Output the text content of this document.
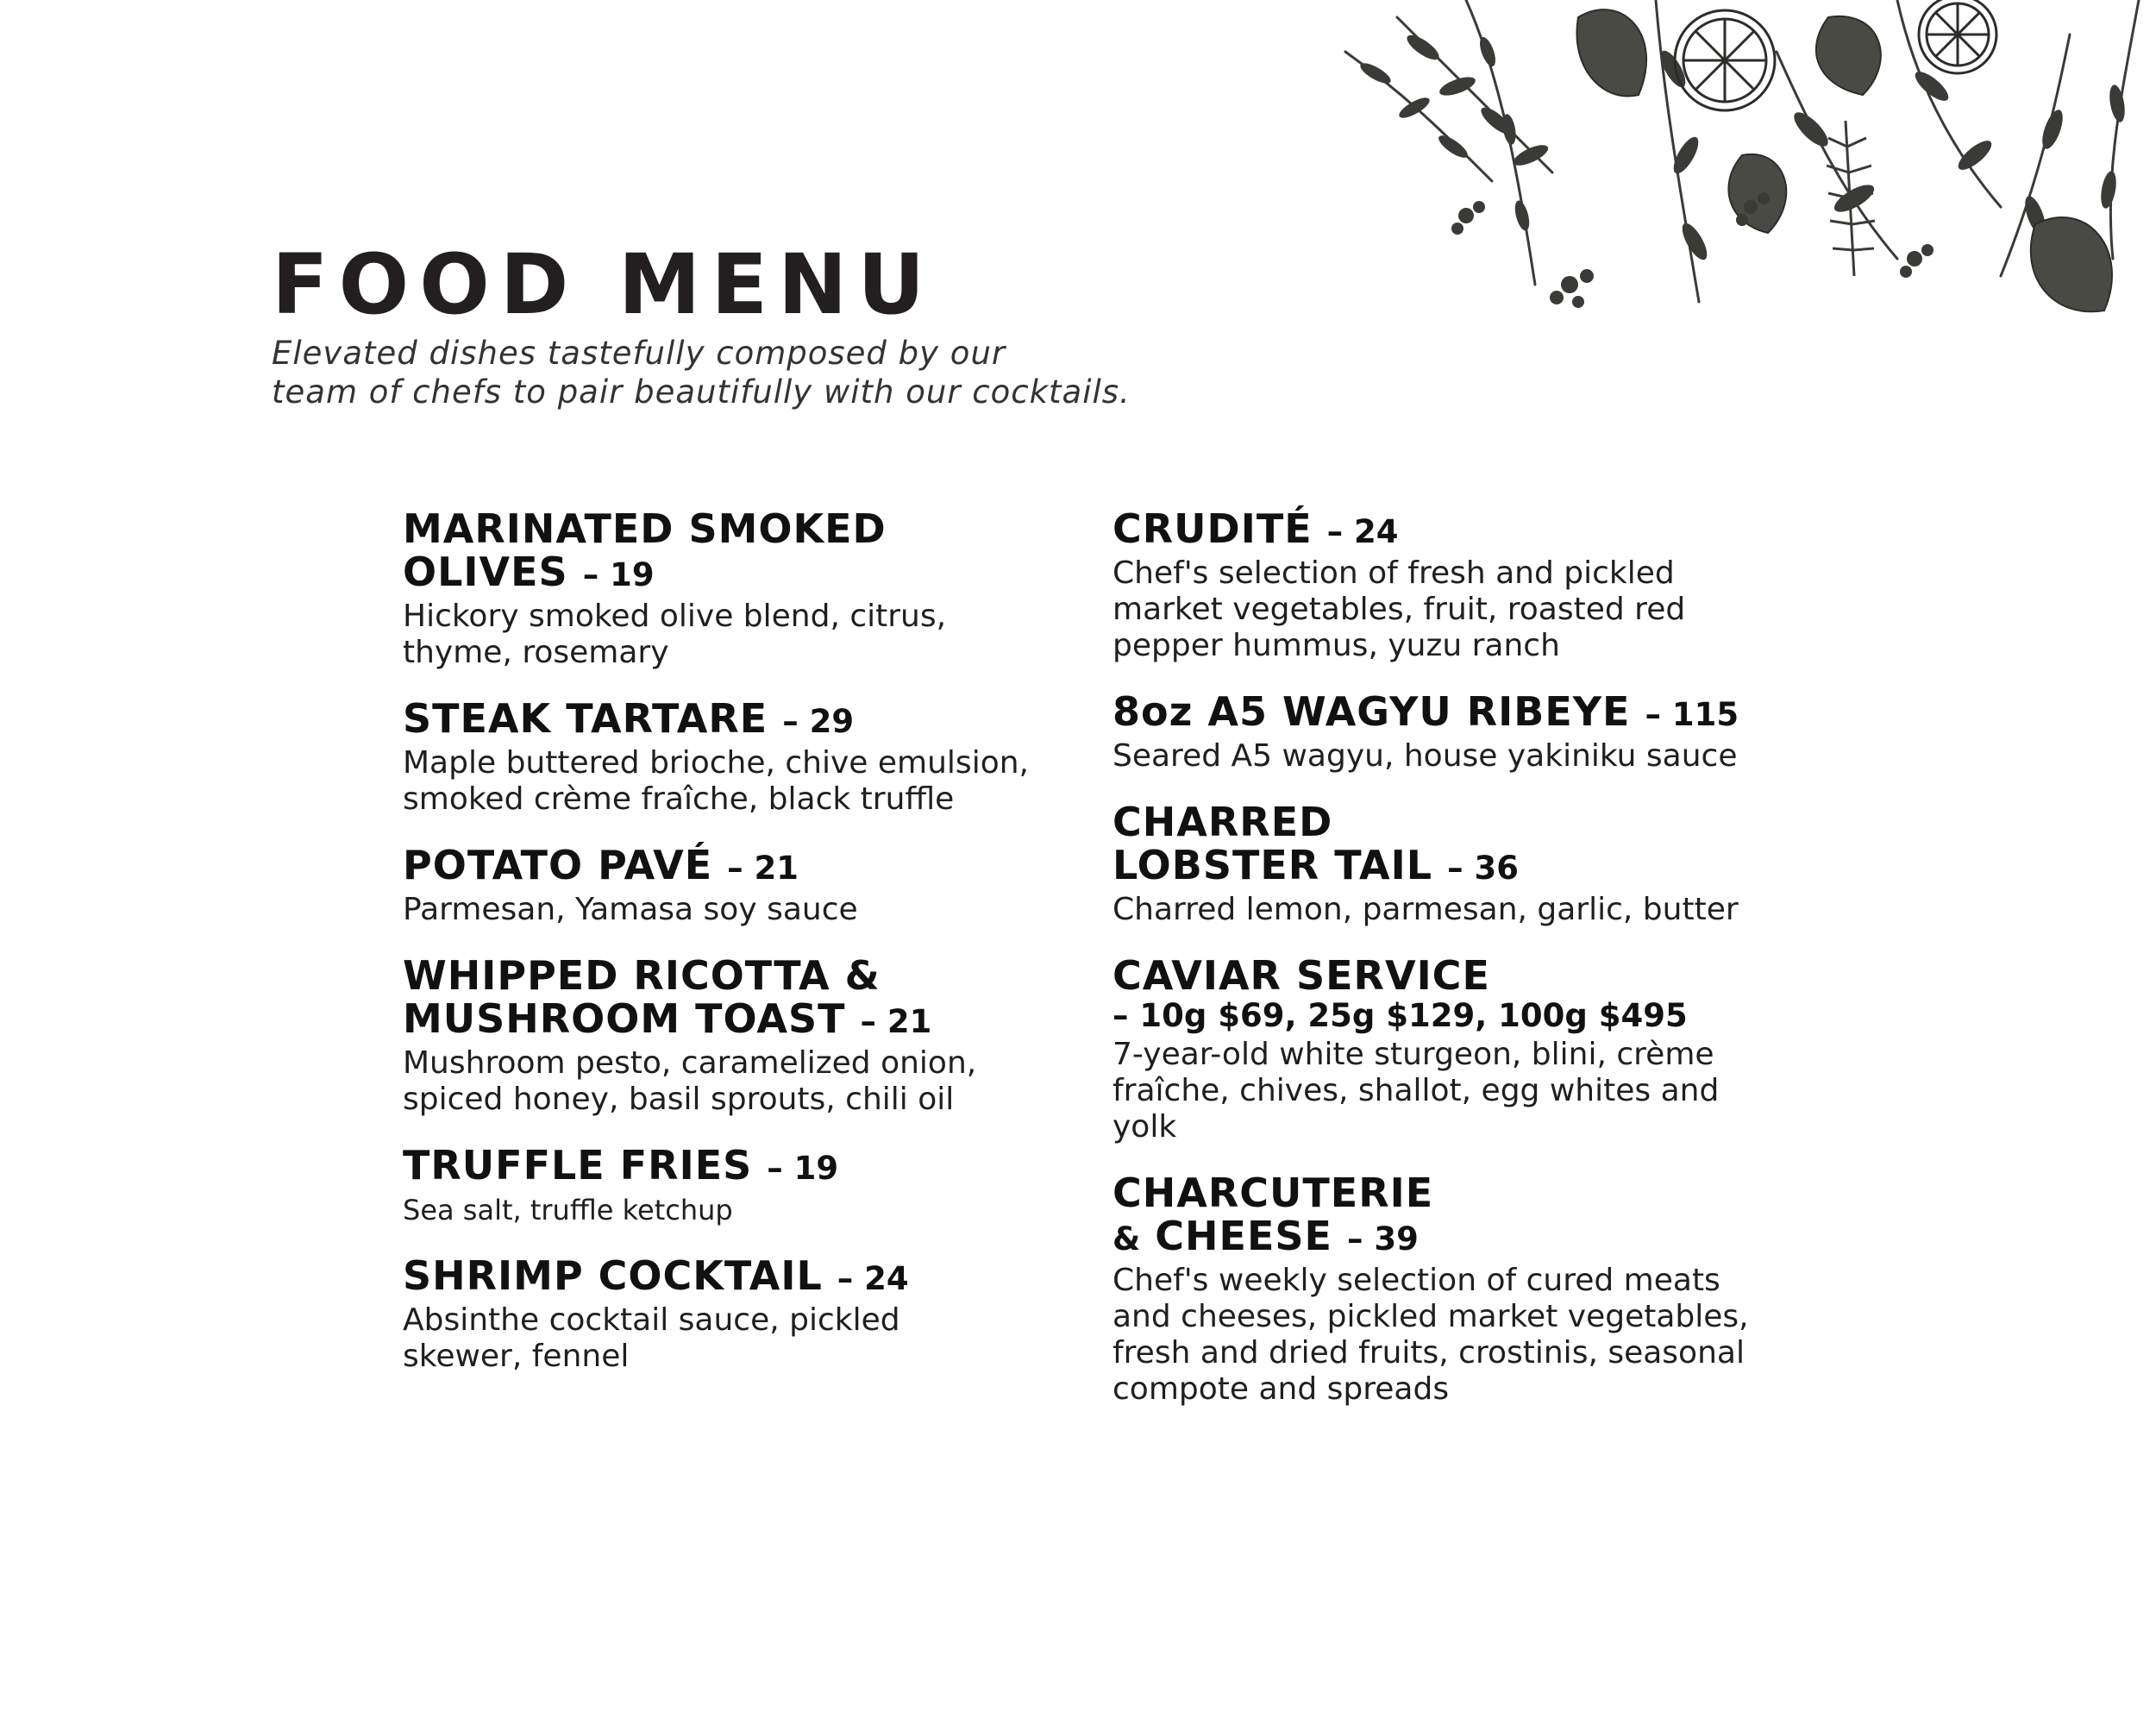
FOOD MENU
Elevated dishes tastefully composed by our
team of chefs to pair beautifully with our cocktails.
MARINATED SMOKED
OLIVES – 19
Hickory smoked olive blend, citrus,
thyme, rosemary
STEAK TARTARE – 29
Maple buttered brioche, chive emulsion,
smoked crème fraîche, black truffle
POTATO PAVÉ – 21
Parmesan, Yamasa soy sauce
WHIPPED RICOTTA &
MUSHROOM TOAST – 21
Mushroom pesto, caramelized onion,
spiced honey, basil sprouts, chili oil
TRUFFLE FRIES – 19
Sea salt, truffle ketchup
SHRIMP COCKTAIL – 24
Absinthe cocktail sauce, pickled
skewer, fennel
CRUDITÉ – 24
Chef's selection of fresh and pickled
market vegetables, fruit, roasted red
pepper hummus, yuzu ranch
8oz A5 WAGYU RIBEYE – 115
Seared A5 wagyu, house yakiniku sauce
CHARRED
LOBSTER TAIL – 36
Charred lemon, parmesan, garlic, butter
CAVIAR SERVICE
– 10g $69, 25g $129, 100g $495
7-year-old white sturgeon, blini, crème
fraîche, chives, shallot, egg whites and
yolk
CHARCUTERIE
& CHEESE – 39
Chef's weekly selection of cured meats
and cheeses, pickled market vegetables,
fresh and dried fruits, crostinis, seasonal
compote and spreads
